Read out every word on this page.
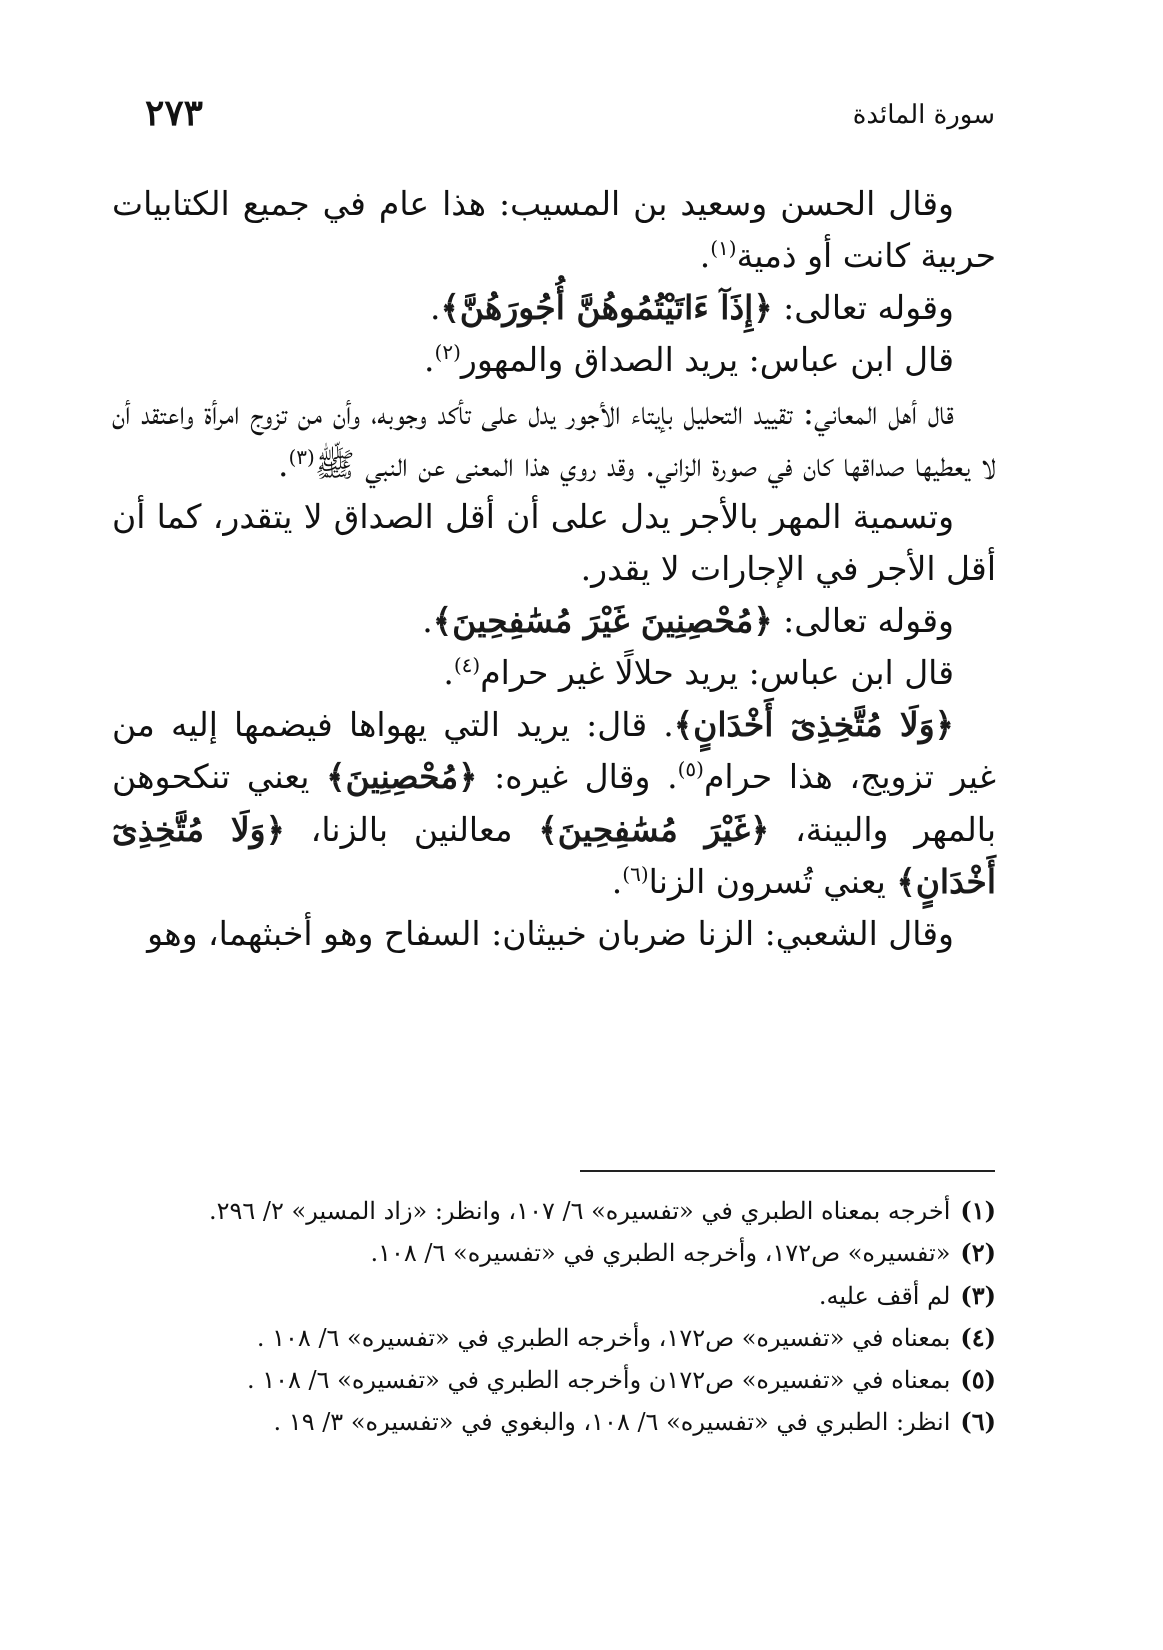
سورة المائدة
٢٧٣

وقال الحسن وسعيد بن المسيب: هذا عام في جميع الكتابيات حربية كانت أو ذمية$^{(١)}$.

وقوله تعالى: ﴿إِذَآ ءَاتَيْتُمُوهُنَّ أُجُورَهُنَّ﴾.

قال ابن عباس: يريد الصداق والمهور$^{(٢)}$.

قال أهل المعاني: تقييد التحليل بإيتاء الأجور يدل على تأكد وجوبه، وأن من تزوج امرأة واعتقد أن لا يعطيها صداقها كان في صورة الزاني. وقد روي هذا المعنى عن النبي ﷺ$^{(٣)}$.

وتسمية المهر بالأجر يدل على أن أقل الصداق لا يتقدر، كما أن أقل الأجر في الإجارات لا يقدر.

وقوله تعالى: ﴿مُحْصِنِينَ غَيْرَ مُسَٰفِحِينَ﴾.

قال ابن عباس: يريد حلالًا غير حرام$^{(٤)}$.

﴿وَلَا مُتَّخِذِىٓ أَخْدَانٍ﴾. قال: يريد التي يهواها فيضمها إليه من غير تزويج، هذا حرام$^{(٥)}$. وقال غيره: ﴿مُحْصِنِينَ﴾ يعني تنكحوهن بالمهر والبينة، ﴿غَيْرَ مُسَٰفِحِينَ﴾ معالنين بالزنا، ﴿وَلَا مُتَّخِذِىٓ أَخْدَانٍ﴾ يعني تُسرون الزنا$^{(٦)}$.

وقال الشعبي: الزنا ضربان خبيثان: السفاح وهو أخبثهما، وهو

(١)أخرجه بمعناه الطبري في «تفسيره» ٦/ ١٠٧، وانظر: «زاد المسير» ٢/ ٢٩٦.

(٢)«تفسيره» ص١٧٢، وأخرجه الطبري في «تفسيره» ٦/ ١٠٨.

(٣)لم أقف عليه.

(٤)بمعناه في «تفسيره» ص١٧٢، وأخرجه الطبري في «تفسيره» ٦/ ١٠٨ .

(٥)بمعناه في «تفسيره» ص١٧٢ن وأخرجه الطبري في «تفسيره» ٦/ ١٠٨ .

(٦)انظر: الطبري في «تفسيره» ٦/ ١٠٨، والبغوي في «تفسيره» ٣/ ١٩ .
